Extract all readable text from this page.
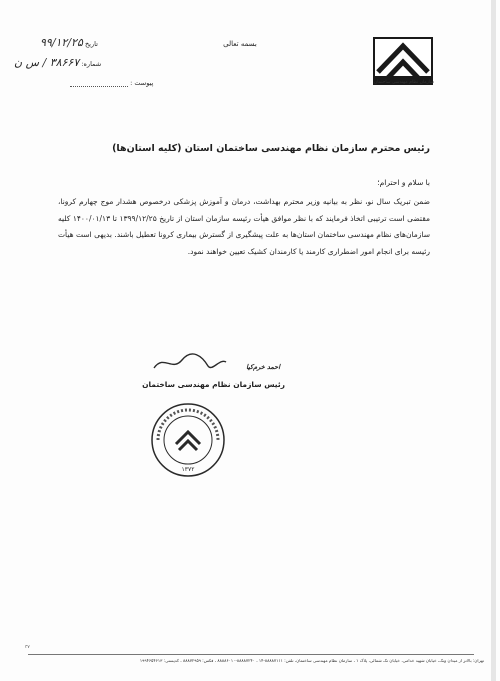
سازمان نظام مهندسی ساختمان
بسمه تعالی
تاریخ ۹۹/۱۲/۲۵
شماره: ۳۸۶۶۷ / س ن
پیوست :
رئیس محترم سازمان نظام مهندسی ساختمان استان (کلیه استان‌ها)
با سلام و احترام؛
ضمن تبریک سال نو، نظر به بیانیه وزیر محترم بهداشت، درمان و آموزش پزشکی درخصوص هشدار موج چهارم کرونا، مقتضی است ترتیبی اتخاذ فرمایند که با نظر موافق هیأت رئیسه سازمان استان از تاریخ ۱۳۹۹/۱۲/۲۵ تا ۱۴۰۰/۰۱/۱۳ کلیه سازمان‌های نظام مهندسی ساختمان استان‌ها به علت پیشگیری از گسترش بیماری کرونا تعطیل باشند. بدیهی است هیأت رئیسه برای انجام امور اضطراری کارمند یا کارمندان کشیک تعیین خواهند نمود.
احمد خرم‌کیا
رئیس سازمان نظام مهندسی ساختمان
۱۳۷۲
۳۷
تهران: بالاتر از میدان ونک، خیابان شهید خدامی، خیابان تک شمالی، پلاک ۱ ، سازمان نظام مهندسی ساختمان، تلفن: ۸۸۸۸۷۱۱۱-۱۴ ، ۸۸۸۸۷۲۴۰-۸۸۸۸۶۰۱۰ ، فکس: ۸۸۸۷۲۹۵۹ ، کدپستی: ۱۹۹۴۶۵۴۶۱۳
